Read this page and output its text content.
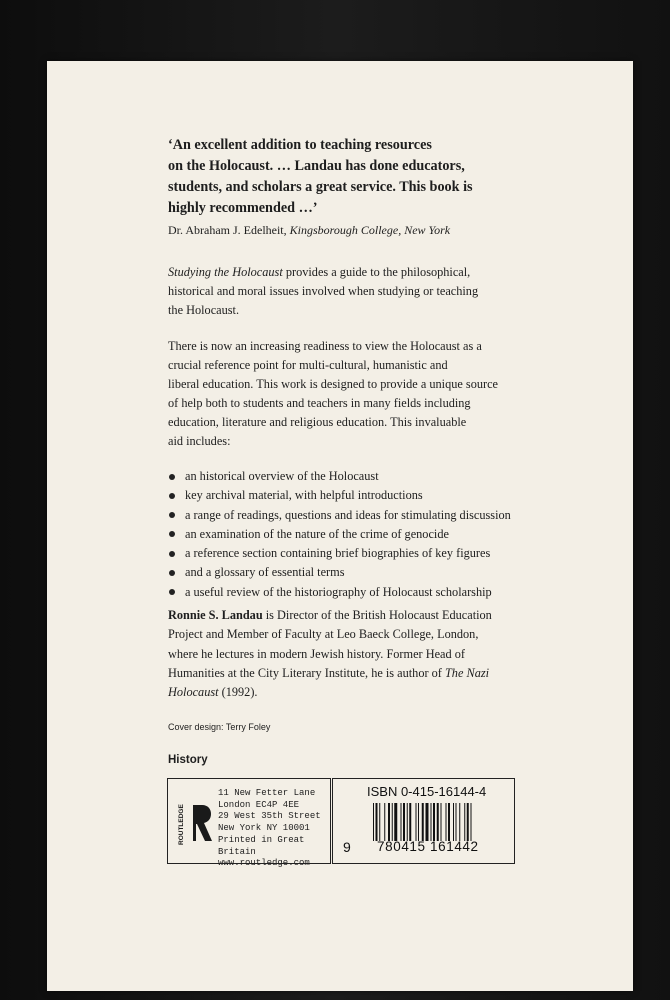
‘An excellent addition to teaching resources
on the Holocaust. … Landau has done educators,
students, and scholars a great service. This book is
highly recommended …’
Dr. Abraham J. Edelheit, Kingsborough College, New York
Studying the Holocaust provides a guide to the philosophical,
historical and moral issues involved when studying or teaching
the Holocaust.
There is now an increasing readiness to view the Holocaust as a
crucial reference point for multi-cultural, humanistic and
liberal education. This work is designed to provide a unique source
of help both to students and teachers in many fields including
education, literature and religious education. This invaluable
aid includes:
an historical overview of the Holocaust
key archival material, with helpful introductions
a range of readings, questions and ideas for stimulating discussion
an examination of the nature of the crime of genocide
a reference section containing brief biographies of key figures
and a glossary of essential terms
a useful review of the historiography of Holocaust scholarship
Ronnie S. Landau is Director of the British Holocaust Education
Project and Member of Faculty at Leo Baeck College, London,
where he lectures in modern Jewish history. Former Head of
Humanities at the City Literary Institute, he is author of The Nazi
Holocaust (1992).
Cover design: Terry Foley
History
ROUTLEDGE
11 New Fetter Lane
London EC4P 4EE
29 West 35th Street
New York NY 10001
Printed in Great Britain
www.routledge.com
ISBN 0-415-16144-4
9 780415 161442
